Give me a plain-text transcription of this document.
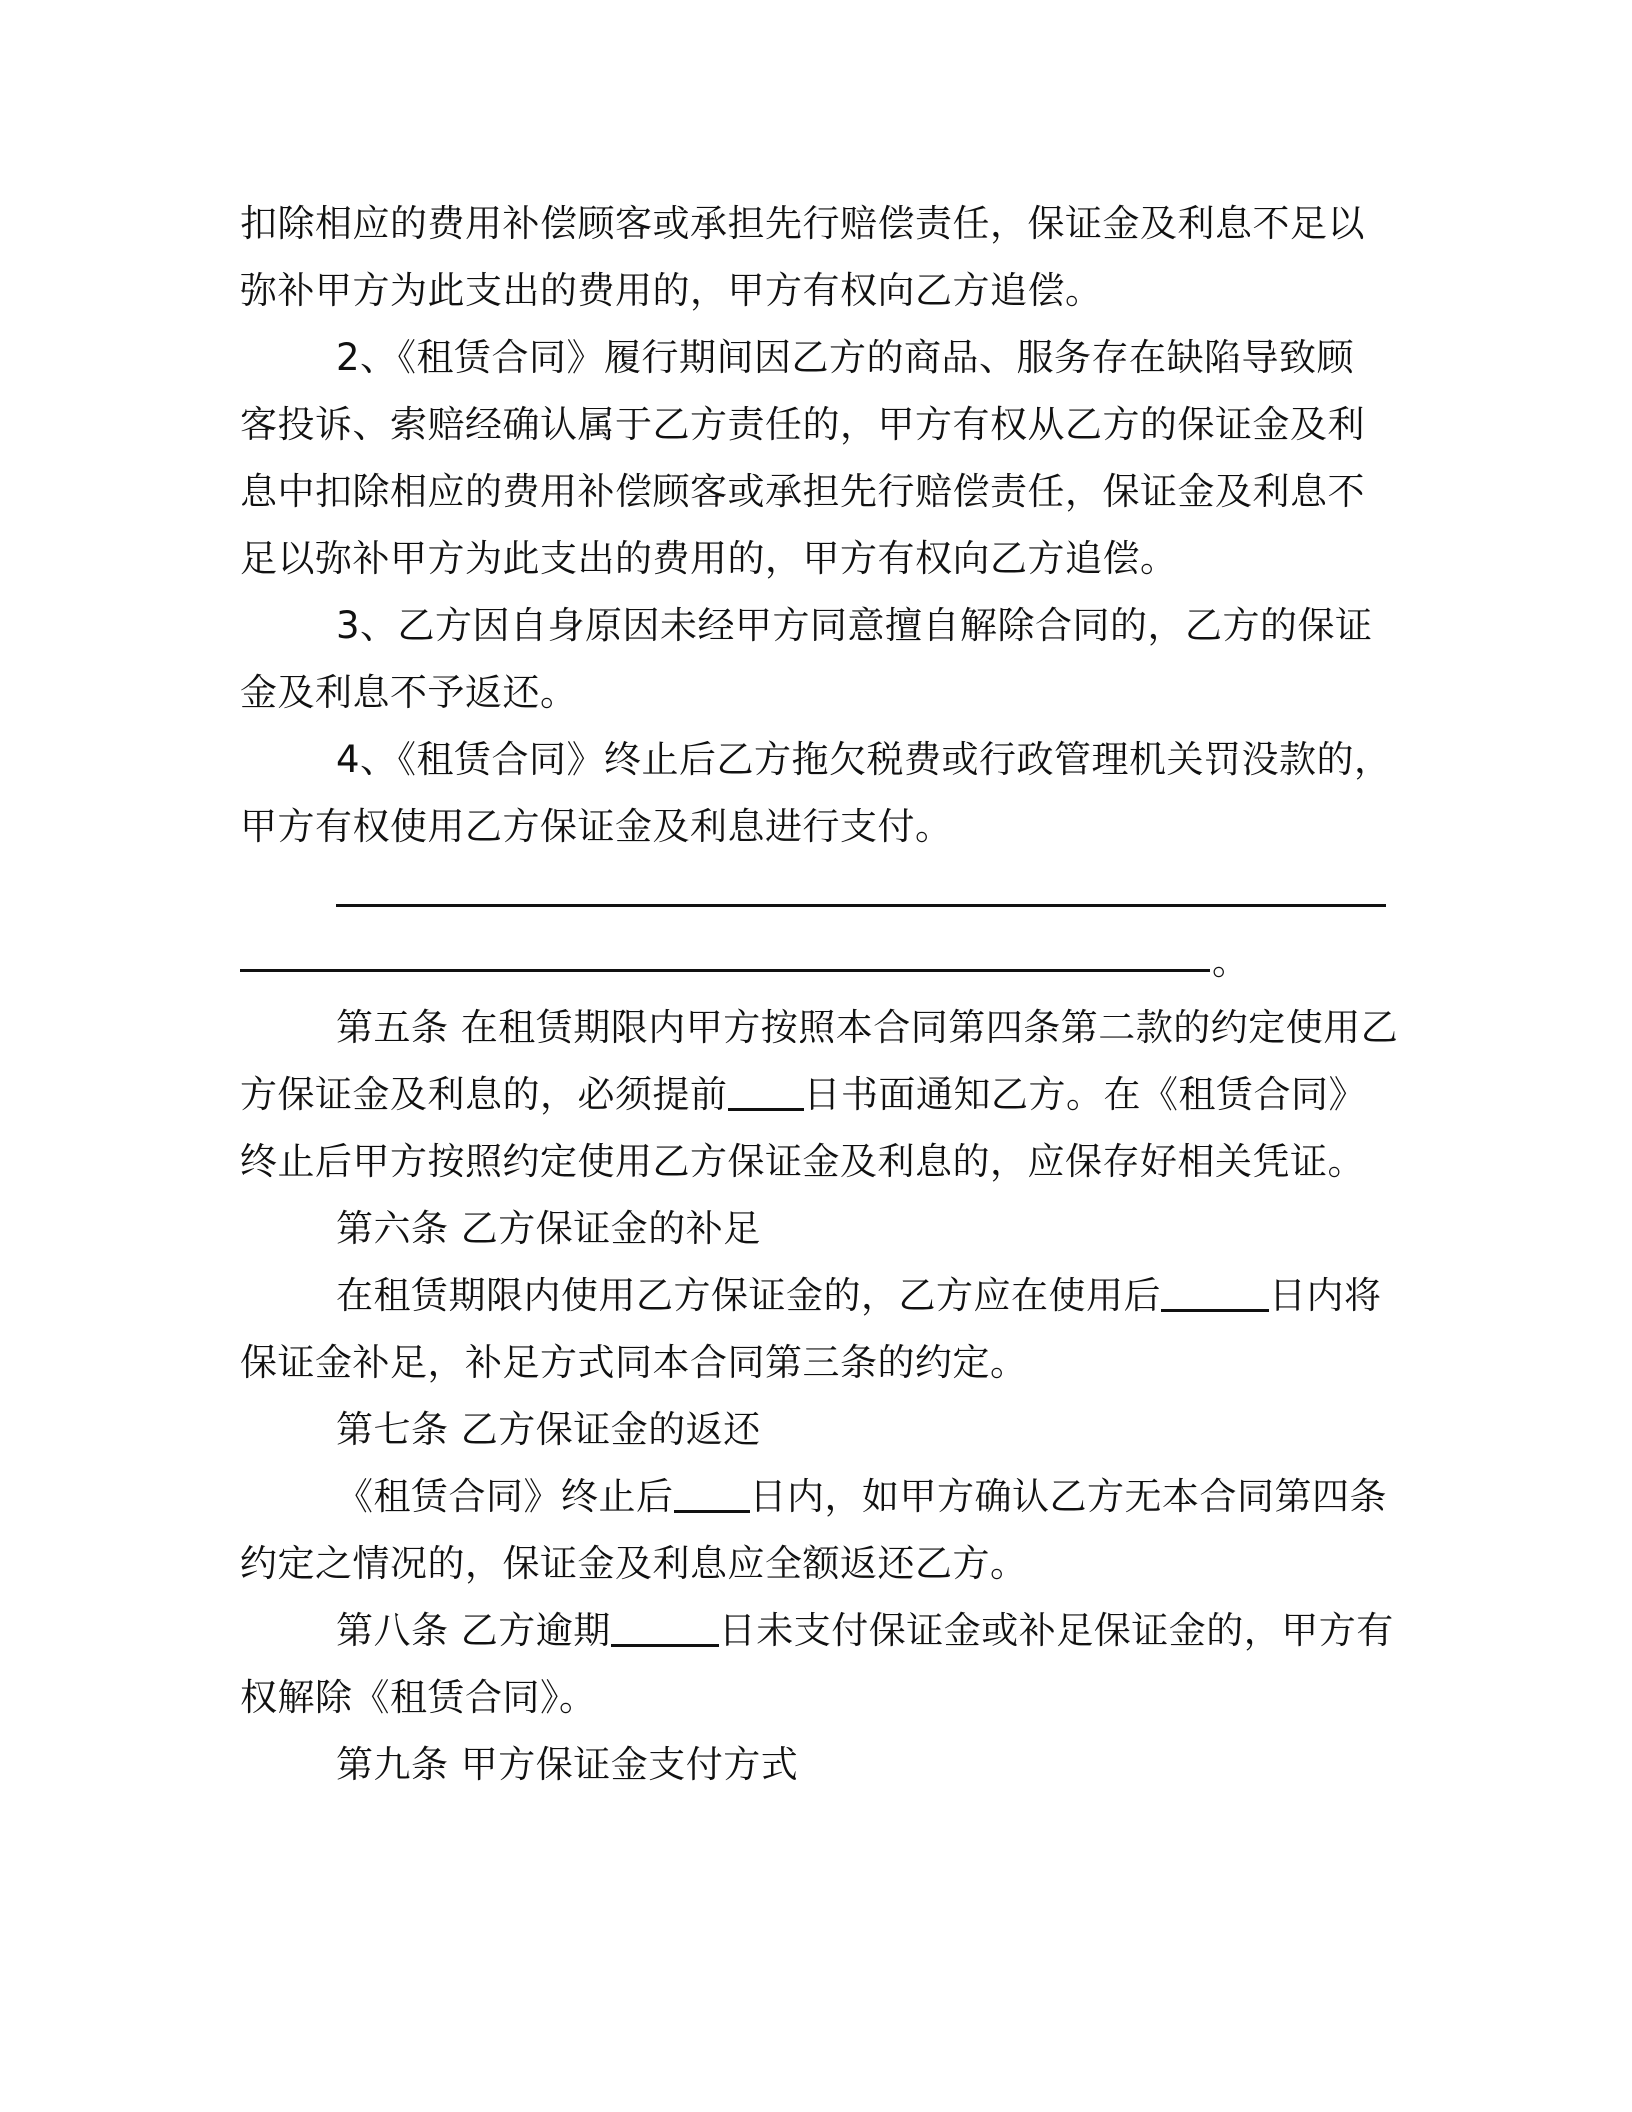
扣除相应的费用补偿顾客或承担先行赔偿责任，保证金及利息不足以
弥补甲方为此支出的费用的，甲方有权向乙方追偿。
2、《租赁合同》履行期间因乙方的商品、服务存在缺陷导致顾
客投诉、索赔经确认属于乙方责任的，甲方有权从乙方的保证金及利
息中扣除相应的费用补偿顾客或承担先行赔偿责任，保证金及利息不
足以弥补甲方为此支出的费用的，甲方有权向乙方追偿。
3、乙方因自身原因未经甲方同意擅自解除合同的，乙方的保证
金及利息不予返还。
4、《租赁合同》终止后乙方拖欠税费或行政管理机关罚没款的，
甲方有权使用乙方保证金及利息进行支付。
。
第五条 在租赁期限内甲方按照本合同第四条第二款的约定使用乙
方保证金及利息的，必须提前 日书面通知乙方。在《租赁合同》
终止后甲方按照约定使用乙方保证金及利息的，应保存好相关凭证。
第六条 乙方保证金的补足
在租赁期限内使用乙方保证金的，乙方应在使用后	日内将
保证金补足，补足方式同本合同第三条的约定。
第七条 乙方保证金的返还
《租赁合同》终止后 日内，如甲方确认乙方无本合同第四条
约定之情况的，保证金及利息应全额返还乙方。
第八条 乙方逾期	日未支付保证金或补足保证金的，甲方有
权解除《租赁合同》。
第九条 甲方保证金支付方式
